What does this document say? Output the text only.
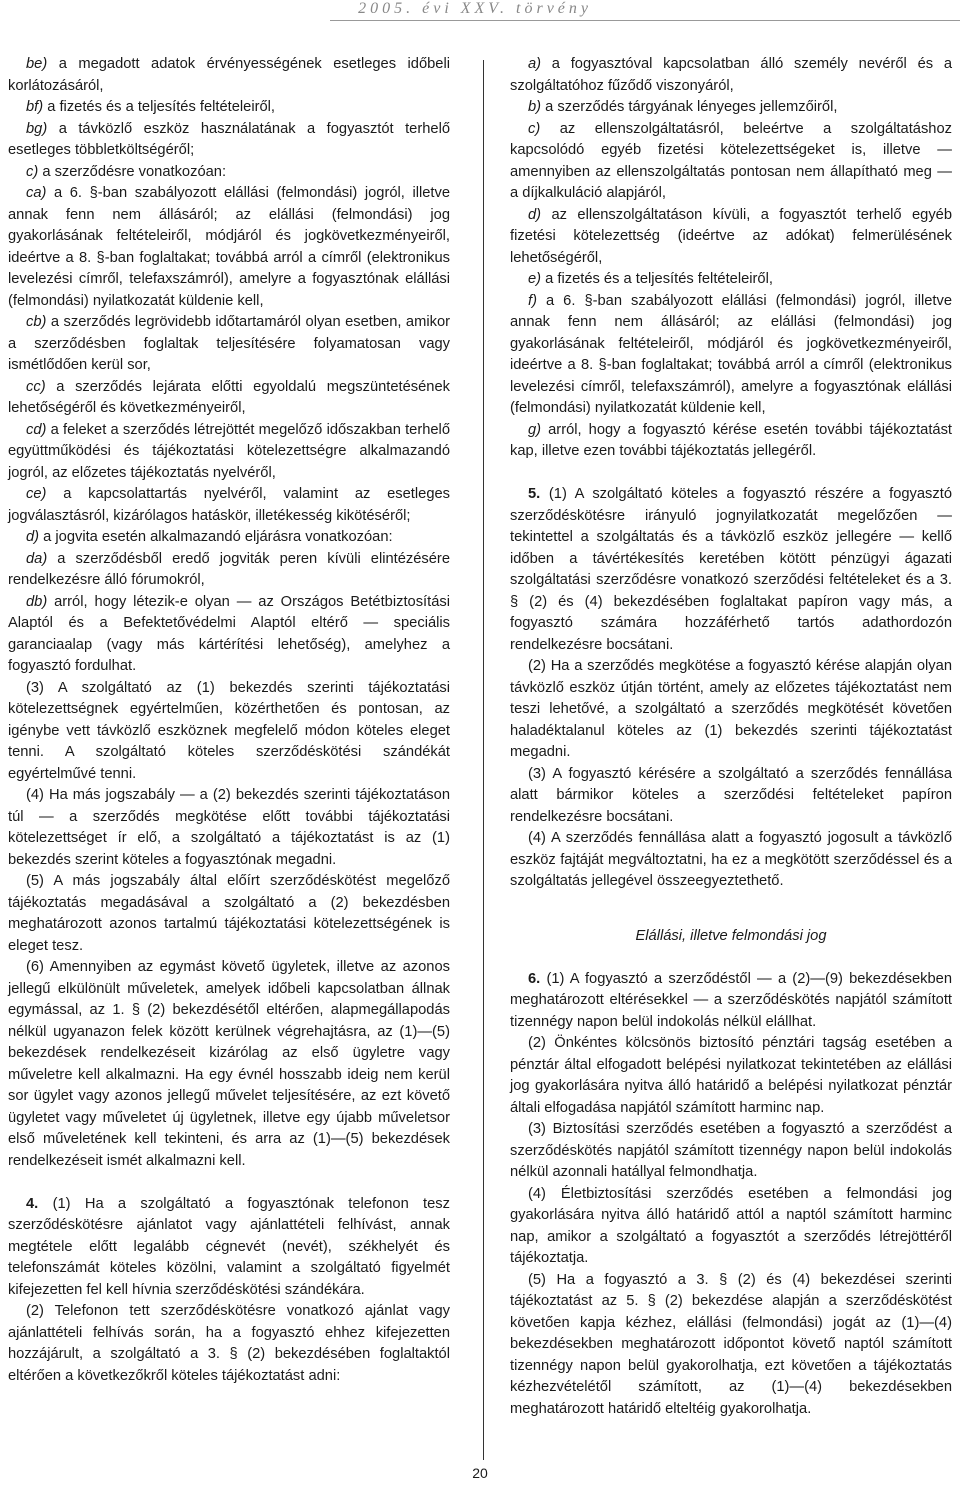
2005. évi XXV. törvény

be) a megadott adatok érvényességének esetleges időbeli korlátozásáról,

bf) a fizetés és a teljesítés feltételeiről,

bg) a távközlő eszköz használatának a fogyasztót terhelő esetleges többletköltségéről;

c) a szerződésre vonatkozóan:

ca) a 6. §-ban szabályozott elállási (felmondási) jogról, illetve annak fenn nem állásáról; az elállási (felmondási) jog gyakorlásának feltételeiről, módjáról és jogkövetkezményeiről, ideértve a 8. §-ban foglaltakat; továbbá arról a címről (elektronikus levelezési címről, telefaxszámról), amelyre a fogyasztónak elállási (felmondási) nyilatkozatát küldenie kell,

cb) a szerződés legrövidebb időtartamáról olyan esetben, amikor a szerződésben foglaltak teljesítésére folyamatosan vagy ismétlődően kerül sor,

cc) a szerződés lejárata előtti egyoldalú megszüntetésének lehetőségéről és következményeiről,

cd) a feleket a szerződés létrejöttét megelőző időszakban terhelő együttműködési és tájékoztatási kötelezettségre alkalmazandó jogról, az előzetes tájékoztatás nyelvéről,

ce) a kapcsolattartás nyelvéről, valamint az esetleges jogválasztásról, kizárólagos hatáskör, illetékesség kikötéséről;

d) a jogvita esetén alkalmazandó eljárásra vonatkozóan:

da) a szerződésből eredő jogviták peren kívüli elintézésére rendelkezésre álló fórumokról,

db) arról, hogy létezik-e olyan — az Országos Betétbiztosítási Alaptól és a Befektetővédelmi Alaptól eltérő — speciális garanciaalap (vagy más kártérítési lehetőség), amelyhez a fogyasztó fordulhat.

(3) A szolgáltató az (1) bekezdés szerinti tájékoztatási kötelezettségnek egyértelműen, közérthetően és pontosan, az igénybe vett távközlő eszköznek megfelelő módon köteles eleget tenni. A szolgáltató köteles szerződéskötési szándékát egyértelművé tenni.

(4) Ha más jogszabály — a (2) bekezdés szerinti tájékoztatáson túl — a szerződés megkötése előtt további tájékoztatási kötelezettséget ír elő, a szolgáltató a tájékoztatást is az (1) bekezdés szerint köteles a fogyasztónak megadni.

(5) A más jogszabály által előírt szerződéskötést megelőző tájékoztatás megadásával a szolgáltató a (2) bekezdésben meghatározott azonos tartalmú tájékoztatási kötelezettségének is eleget tesz.

(6) Amennyiben az egymást követő ügyletek, illetve az azonos jellegű elkülönült műveletek, amelyek időbeli kapcsolatban állnak egymással, az 1. § (2) bekezdésétől eltérően, alapmegállapodás nélkül ugyanazon felek között kerülnek végrehajtásra, az (1)—(5) bekezdések rendelkezéseit kizárólag az első ügyletre vagy műveletre kell alkalmazni. Ha egy évnél hosszabb ideig nem kerül sor ügylet vagy azonos jellegű művelet teljesítésére, az ezt követő ügyletet vagy műveletet új ügyletnek, illetve egy újabb műveletsor első műveletének kell tekinteni, és arra az (1)—(5) bekezdések rendelkezéseit ismét alkalmazni kell.

4. (1) Ha a szolgáltató a fogyasztónak telefonon tesz szerződéskötésre ajánlatot vagy ajánlattételi felhívást, annak megtétele előtt legalább cégnevét (nevét), székhelyét és telefonszámát köteles közölni, valamint a szolgáltató figyelmét kifejezetten fel kell hívnia szerződéskötési szándékára.

(2) Telefonon tett szerződéskötésre vonatkozó ajánlat vagy ajánlattételi felhívás során, ha a fogyasztó ehhez kifejezetten hozzájárult, a szolgáltató a 3. § (2) bekezdésében foglaltaktól eltérően a következőkről köteles tájékoztatást adni:

a) a fogyasztóval kapcsolatban álló személy nevéről és a szolgáltatóhoz fűződő viszonyáról,

b) a szerződés tárgyának lényeges jellemzőiről,

c) az ellenszolgáltatásról, beleértve a szolgáltatáshoz kapcsolódó egyéb fizetési kötelezettségeket is, illetve — amennyiben az ellenszolgáltatás pontosan nem állapítható meg — a díjkalkuláció alapjáról,

d) az ellenszolgáltatáson kívüli, a fogyasztót terhelő egyéb fizetési kötelezettség (ideértve az adókat) felmerülésének lehetőségéről,

e) a fizetés és a teljesítés feltételeiről,

f) a 6. §-ban szabályozott elállási (felmondási) jogról, illetve annak fenn nem állásáról; az elállási (felmondási) jog gyakorlásának feltételeiről, módjáról és jogkövetkezményeiről, ideértve a 8. §-ban foglaltakat; továbbá arról a címről (elektronikus levelezési címről, telefaxszámról), amelyre a fogyasztónak elállási (felmondási) nyilatkozatát küldenie kell,

g) arról, hogy a fogyasztó kérése esetén további tájékoztatást kap, illetve ezen további tájékoztatás jellegéről.

5. (1) A szolgáltató köteles a fogyasztó részére a fogyasztó szerződéskötésre irányuló jognyilatkozatát megelőzően — tekintettel a szolgáltatás és a távközlő eszköz jellegére — kellő időben a távértékesítés keretében kötött pénzügyi ágazati szolgáltatási szerződésre vonatkozó szerződési feltételeket és a 3. § (2) és (4) bekezdésében foglaltakat papíron vagy más, a fogyasztó számára hozzáférhető tartós adathordozón rendelkezésre bocsátani.

(2) Ha a szerződés megkötése a fogyasztó kérése alapján olyan távközlő eszköz útján történt, amely az előzetes tájékoztatást nem teszi lehetővé, a szolgáltató a szerződés megkötését követően haladéktalanul köteles az (1) bekezdés szerinti tájékoztatást megadni.

(3) A fogyasztó kérésére a szolgáltató a szerződés fennállása alatt bármikor köteles a szerződési feltételeket papíron rendelkezésre bocsátani.

(4) A szerződés fennállása alatt a fogyasztó jogosult a távközlő eszköz fajtáját megváltoztatni, ha ez a megkötött szerződéssel és a szolgáltatás jellegével összeegyeztethető.

Elállási, illetve felmondási jog

6. (1) A fogyasztó a szerződéstől — a (2)—(9) bekezdésekben meghatározott eltérésekkel — a szerződéskötés napjától számított tizennégy napon belül indokolás nélkül elállhat.

(2) Önkéntes kölcsönös biztosító pénztári tagság esetében a pénztár által elfogadott belépési nyilatkozat tekintetében az elállási jog gyakorlására nyitva álló határidő a belépési nyilatkozat pénztár általi elfogadása napjától számított harminc nap.

(3) Biztosítási szerződés esetében a fogyasztó a szerződést a szerződéskötés napjától számított tizennégy napon belül indokolás nélkül azonnali hatállyal felmondhatja.

(4) Életbiztosítási szerződés esetében a felmondási jog gyakorlására nyitva álló határidő attól a naptól számított harminc nap, amikor a szolgáltató a fogyasztót a szerződés létrejöttéről tájékoztatja.

(5) Ha a fogyasztó a 3. § (2) és (4) bekezdései szerinti tájékoztatást az 5. § (2) bekezdése alapján a szerződéskötést követően kapja kézhez, elállási (felmondási) jogát az (1)—(4) bekezdésekben meghatározott időpontot követő naptól számított tizennégy napon belül gyakorolhatja, ezt követően a tájékoztatás kézhezvételétől számított, az (1)—(4) bekezdésekben meghatározott határidő elteltéig gyakorolhatja.

20
